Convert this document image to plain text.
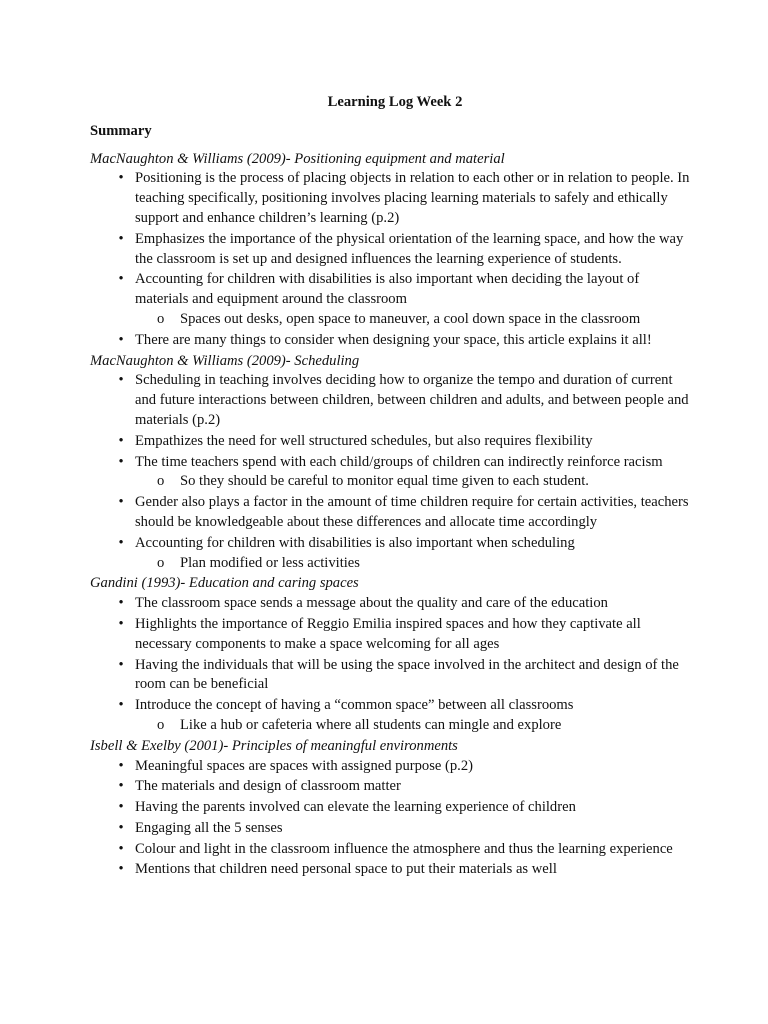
Learning Log Week 2
Summary
MacNaughton & Williams (2009)- Positioning equipment and material
• Positioning is the process of placing objects in relation to each other or in relation to people. In teaching specifically, positioning involves placing learning materials to safely and ethically support and enhance children’s learning (p.2)
• Emphasizes the importance of the physical orientation of the learning space, and how the way the classroom is set up and designed influences the learning experience of students.
• Accounting for children with disabilities is also important when deciding the layout of materials and equipment around the classroom
o Spaces out desks, open space to maneuver, a cool down space in the classroom
• There are many things to consider when designing your space, this article explains it all!
MacNaughton & Williams (2009)- Scheduling
• Scheduling in teaching involves deciding how to organize the tempo and duration of current and future interactions between children, between children and adults, and between people and materials (p.2)
• Empathizes the need for well structured schedules, but also requires flexibility
• The time teachers spend with each child/groups of children can indirectly reinforce racism
o So they should be careful to monitor equal time given to each student.
• Gender also plays a factor in the amount of time children require for certain activities, teachers should be knowledgeable about these differences and allocate time accordingly
• Accounting for children with disabilities is also important when scheduling
o Plan modified or less activities
Gandini (1993)- Education and caring spaces
• The classroom space sends a message about the quality and care of the education
• Highlights the importance of Reggio Emilia inspired spaces and how they captivate all necessary components to make a space welcoming for all ages
• Having the individuals that will be using the space involved in the architect and design of the room can be beneficial
• Introduce the concept of having a “common space” between all classrooms
o Like a hub or cafeteria where all students can mingle and explore
Isbell & Exelby (2001)- Principles of meaningful environments
• Meaningful spaces are spaces with assigned purpose (p.2)
• The materials and design of classroom matter
• Having the parents involved can elevate the learning experience of children
• Engaging all the 5 senses
• Colour and light in the classroom influence the atmosphere and thus the learning experience
• Mentions that children need personal space to put their materials as well
